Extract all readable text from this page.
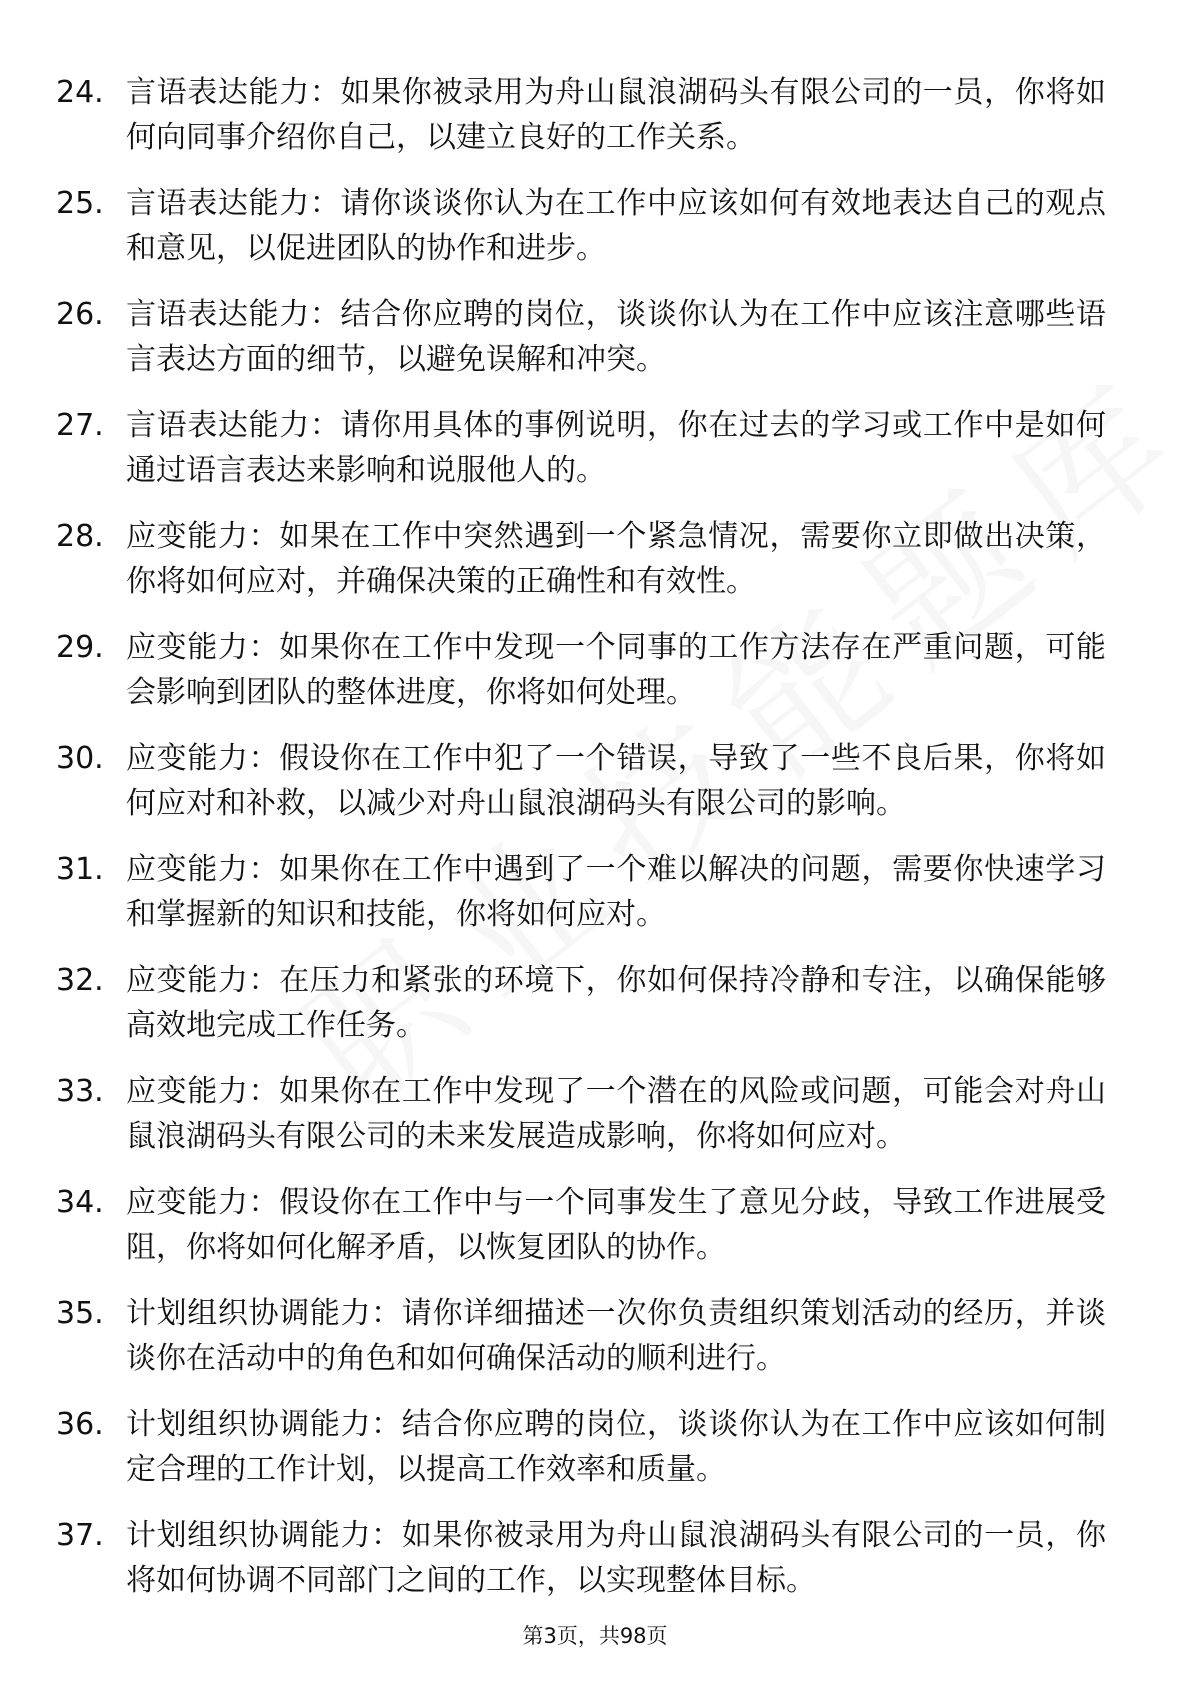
24. 言语表达能力：如果你被录用为舟山鼠浪湖码头有限公司的一员，你将如何向同事介绍你自己，以建立良好的工作关系。
25. 言语表达能力：请你谈谈你认为在工作中应该如何有效地表达自己的观点和意见，以促进团队的协作和进步。
26. 言语表达能力：结合你应聘的岗位，谈谈你认为在工作中应该注意哪些语言表达方面的细节，以避免误解和冲突。
27. 言语表达能力：请你用具体的事例说明，你在过去的学习或工作中是如何通过语言表达来影响和说服他人的。
28. 应变能力：如果在工作中突然遇到一个紧急情况，需要你立即做出决策，你将如何应对，并确保决策的正确性和有效性。
29. 应变能力：如果你在工作中发现一个同事的工作方法存在严重问题，可能会影响到团队的整体进度，你将如何处理。
30. 应变能力：假设你在工作中犯了一个错误，导致了一些不良后果，你将如何应对和补救，以减少对舟山鼠浪湖码头有限公司的影响。
31. 应变能力：如果你在工作中遇到了一个难以解决的问题，需要你快速学习和掌握新的知识和技能，你将如何应对。
32. 应变能力：在压力和紧张的环境下，你如何保持冷静和专注，以确保能够高效地完成工作任务。
33. 应变能力：如果你在工作中发现了一个潜在的风险或问题，可能会对舟山鼠浪湖码头有限公司的未来发展造成影响，你将如何应对。
34. 应变能力：假设你在工作中与一个同事发生了意见分歧，导致工作进展受阻，你将如何化解矛盾，以恢复团队的协作。
35. 计划组织协调能力：请你详细描述一次你负责组织策划活动的经历，并谈谈你在活动中的角色和如何确保活动的顺利进行。
36. 计划组织协调能力：结合你应聘的岗位，谈谈你认为在工作中应该如何制定合理的工作计划，以提高工作效率和质量。
37. 计划组织协调能力：如果你被录用为舟山鼠浪湖码头有限公司的一员，你将如何协调不同部门之间的工作，以实现整体目标。
第3页，共98页
